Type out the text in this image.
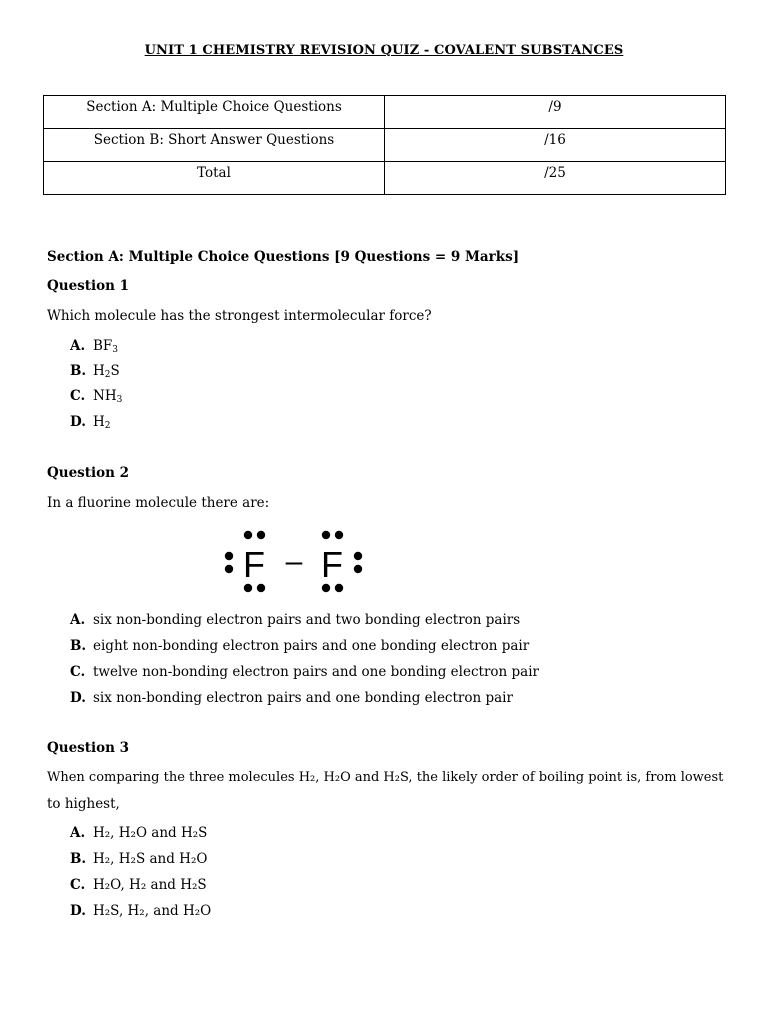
UNIT 1 CHEMISTRY REVISION QUIZ - COVALENT SUBSTANCES
Section A: Multiple Choice Questions	/9
Section B: Short Answer Questions	/16
Total	/25
Section A: Multiple Choice Questions [9 Questions = 9 Marks]
Question 1
Which molecule has the strongest intermolecular force?
A. $BF_3$
B. $H_2S$
C. $NH_3$
D. $H_2$
Question 2
In a fluorine molecule there are:
F – F
A. six non-bonding electron pairs and two bonding electron pairs
B. eight non-bonding electron pairs and one bonding electron pair
C. twelve non-bonding electron pairs and one bonding electron pair
D. six non-bonding electron pairs and one bonding electron pair
Question 3
When comparing the three molecules H₂, H₂O and H₂S, the likely order of boiling point is, from lowest
to highest,
A. H₂, H₂O and H₂S
B. H₂, H₂S and H₂O
C. H₂O, H₂ and H₂S
D. H₂S, H₂, and H₂O
